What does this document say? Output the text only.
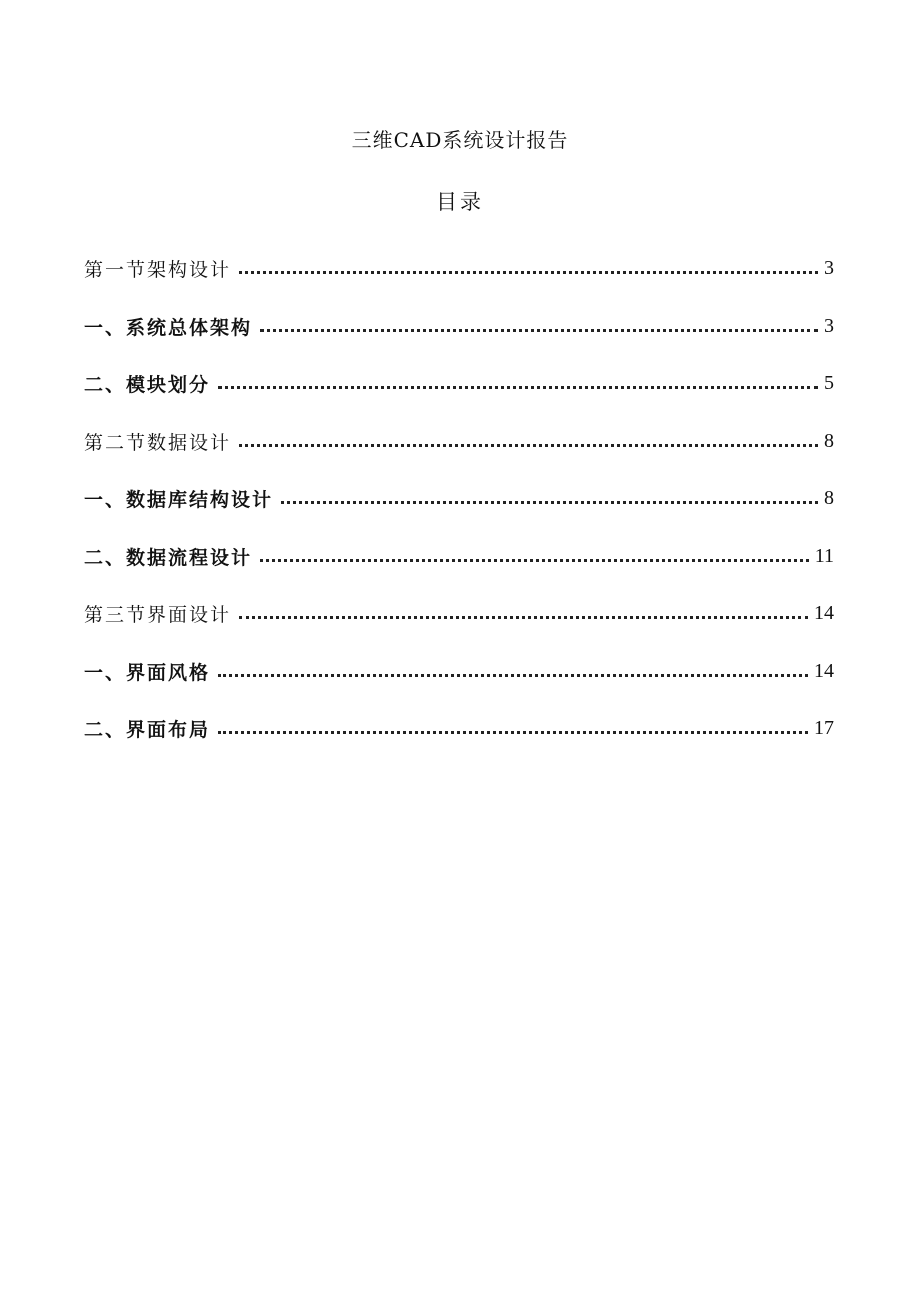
三维CAD系统设计报告
目录
第一节架构设计	3
一、系统总体架构	3
二、模块划分	5
第二节数据设计	8
一、数据库结构设计	8
二、数据流程设计	11
第三节界面设计	14
一、界面风格	14
二、界面布局	17
